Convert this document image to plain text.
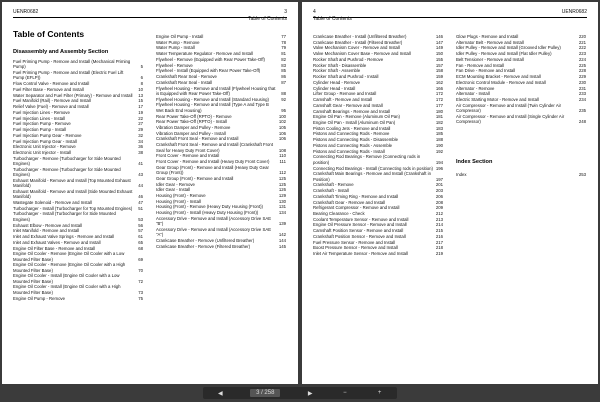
UENR0682	3
Table of Contents
Table of Contents
Disassembly and Assembly Section
Fuel Priming Pump - Remove and Install (Mechanical Priming Pump)	5
Fuel Priming Pump - Remove and Install (Electric Fuel Lift Pump (EFLP))	6
Flow Control Valve - Remove and Install	8
Fuel Filter Base - Remove and Install	10
Water Separator and Fuel Filter (Primary) - Remove and Install	13
Fuel Manifold (Rail) - Remove and Install	15
Relief Valve (Fuel) - Remove and Install	17
Fuel Injection Lines - Remove	19
Fuel Injection Lines - Install	22
Fuel Injection Pump - Remove	27
Fuel Injection Pump - Install	29
Fuel Injection Pump Gear - Remove	32
Fuel Injection Pump Gear - Install	34
Electronic Unit Injector - Remove	36
Electronic Unit Injector - Install	38
Turbocharger - Remove (Turbocharger for Side Mounted Engines)	41
Turbocharger - Remove (Turbocharger for Side Mounted Engines)	43
Exhaust Manifold - Remove and Install (Top Mounted Exhaust Manifold)	44
Exhaust Manifold - Remove and Install (Side Mounted Exhaust Manifold)	46
Wastegate Solenoid - Remove and Install	47
Turbocharger - Install (Turbocharger for Top Mounted Engines)	51
Turbocharger - Install (Turbocharger for Side Mounted Engines)	53
Exhaust Elbow - Remove and Install	56
Inlet Manifold - Remove and Install	57
Inlet and Exhaust Valve Springs - Remove and Install	61
Inlet and Exhaust Valves - Remove and Install	65
Engine Oil Filter Base - Remove and Install	68
Engine Oil Cooler - Remove (Engine Oil Cooler with a Low Mounted Filter Base)	69
Engine Oil Cooler - Remove (Engine Oil Cooler with a High Mounted Filter Base)	70
Engine Oil Cooler - Install (Engine Oil Cooler with a Low Mounted Filter Base)	72
Engine Oil Cooler - Install (Engine Oil Cooler with a High Mounted Filter Base)	73
Engine Oil Pump - Remove	75
Engine Oil Pump - Install	77
Water Pump - Remove	78
Water Pump - Install	79
Water Temperature Regulator - Remove and Install	81
Flywheel - Remove (Equipped with Rear Power Take-Off)	82
Flywheel - Remove	83
Flywheel - Install (Equipped with Rear Power Take-Off)	85
Crankshaft Rear Seal - Remove	86
Crankshaft Rear Seal - Install	87
Flywheel Housing - Remove and Install (Flywheel Housing that is Equipped with Rear Power Take-Off)	88
Flywheel Housing - Remove and Install (Standard Housing)	92
Flywheel Housing - Remove and Install (Type A and Type B Wet Back End Housing)	95
Rear Power Take-Off (RPTO) - Remove	100
Rear Power Take-Off (RPTO) - Install	102
Vibration Damper and Pulley - Remove	105
Vibration Damper and Pulley - Install	106
Crankshaft Front Seal - Remove and Install	106
Crankshaft Front Seal - Remove and Install (Crankshaft Front Seal for Heavy Duty Front Cover)	108
Front Cover - Remove and Install	110
Front Cover - Remove and Install (Heavy Duty Front Cover)	111
Gear Group (Front) - Remove and Install (Heavy Duty Gear Group (Front))	112
Gear Group (Front) - Remove and Install	125
Idler Gear - Remove	125
Idler Gear - Install	126
Housing (Front) - Remove	129
Housing (Front) - Install	130
Housing (Front) - Remove (Heavy Duty Housing (Front))	131
Housing (Front) - Install (Heavy Duty Housing (Front))	134
Accessory Drive - Remove and Install (Accessory Drive SAE "B")	139
Accessory Drive - Remove and Install (Accessory Drive SAE "A")	142
Crankcase Breather - Remove (Unfiltered Breather)	144
Crankcase Breather - Remove (Filtered Breather)	145
4	UENR0682
Table of Contents
Crankcase Breather - Install (Unfiltered Breather)	146
Crankcase Breather - Install (Filtered Breather)	147
Valve Mechanism Cover - Remove and Install	149
Valve Mechanism Cover Base - Remove and Install	150
Rocker Shaft and Pushrod - Remove	155
Rocker Shaft - Disassemble	157
Rocker Shaft - Assemble	158
Rocker Shaft and Pushrod - Install	159
Cylinder Head - Remove	162
Cylinder Head - Install	166
Lifter Group - Remove and Install	172
Camshaft - Remove and Install	172
Camshaft Gear - Remove and Install	177
Camshaft Bearings - Remove and Install	180
Engine Oil Pan - Remove (Aluminum Oil Pan)	181
Engine Oil Pan - Install (Aluminum Oil Pan)	182
Piston Cooling Jets - Remove and Install	183
Pistons and Connecting Rods - Remove	185
Pistons and Connecting Rods - Disassemble	188
Pistons and Connecting Rods - Assemble	190
Pistons and Connecting Rods - Install	192
Connecting Rod Bearings - Remove (Connecting rods in position)	194
Connecting Rod Bearings - Install (Connecting rods in position) 196
Crankshaft Main Bearings - Remove and Install (Crankshaft in Position)	197
Crankshaft - Remove	201
Crankshaft - Install	203
Crankshaft Timing Ring - Remove and Install	206
Crankshaft Gear - Remove and Install	208
Refrigerant Compressor - Remove and Install	209
Bearing Clearance - Check	212
Coolant Temperature Sensor - Remove and Install	213
Engine Oil Pressure Sensor - Remove and Install	214
Camshaft Position Sensor - Remove and Install	215
Crankshaft Position Sensor - Remove and Install	216
Fuel Pressure Sensor - Remove and Install	217
Boost Pressure Sensor - Remove and Install	218
Inlet Air Temperature Sensor - Remove and Install	219
Glow Plugs - Remove and Install	220
Alternator Belt - Remove and Install	221
Idler Pulley - Remove and Install (Grooved Idler Pulley)	222
Idler Pulley - Remove and Install (Flat Idler Pulley)	223
Belt Tensioner - Remove and Install	224
Fan - Remove and Install	225
Fan Drive - Remove and Install	228
ECM Mounting Bracket - Remove and Install	229
Electronic Control Module - Remove and Install	230
Alternator - Remove	231
Alternator - Install	233
Electric Starting Motor - Remove and Install	234
Air Compressor - Remove and Install (Twin Cylinder Air Compressor)	235
Air Compressor - Remove and Install (Single Cylinder Air Compressor)	248
Index Section
Index	253
◀	3 / 258	▶	−	+
